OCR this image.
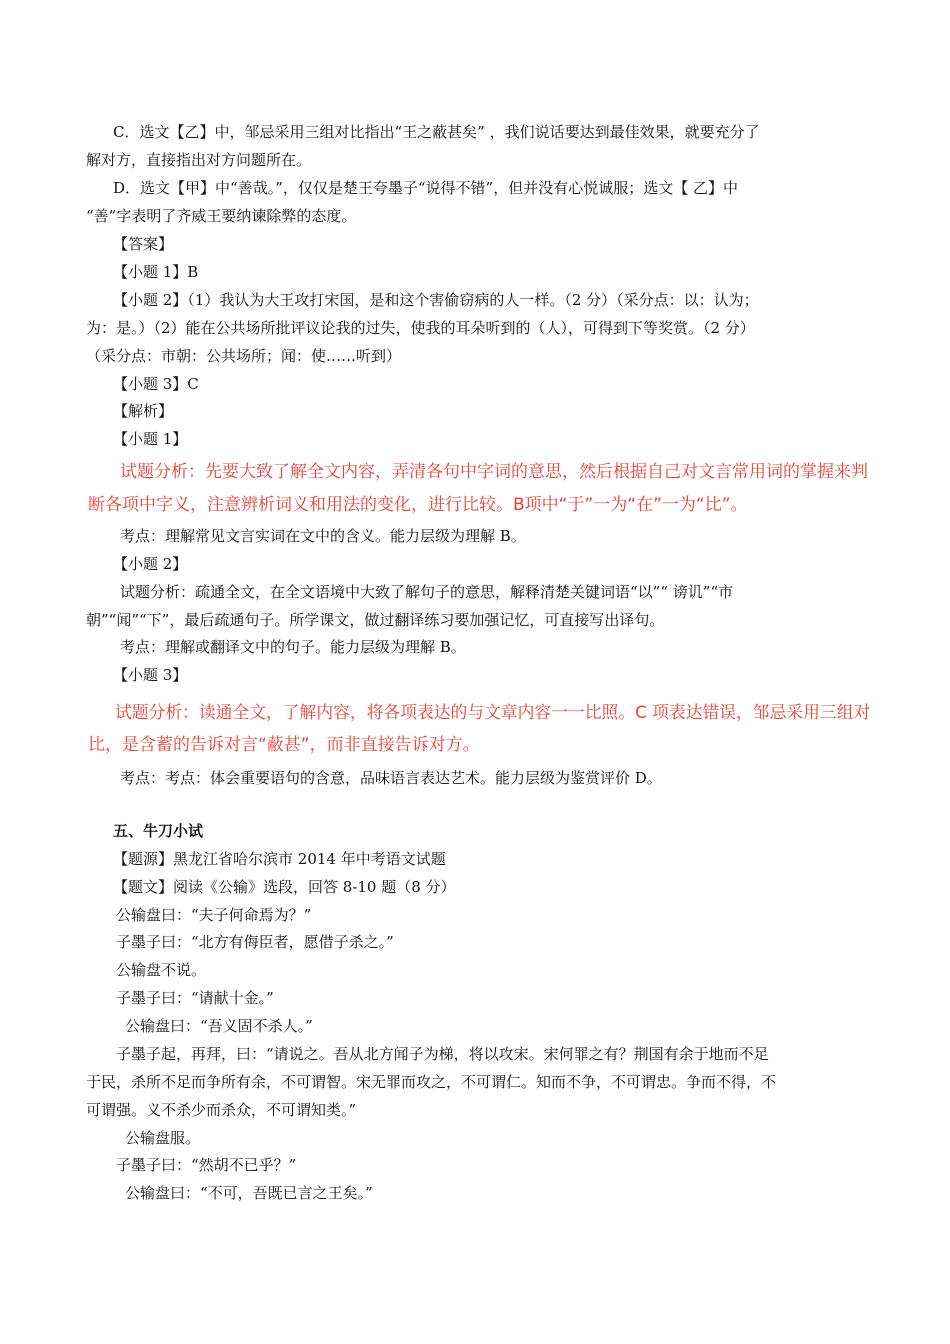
C．选文【乙】中，邹忌采用三组对比指出“王之蔽甚矣” ，我们说话要达到最佳效果，就要充分了
解对方，直接指出对方问题所在。
D．选文【甲】中“善哉。”，仅仅是楚王夸墨子“说得不错”，但并没有心悦诚服；选文【 乙】中
“善”字表明了齐威王要纳谏除弊的态度。
【答案】
【小题 1】B
【小题 2】（1）我认为大王攻打宋国，是和这个害偷窃病的人一样。（2 分）（采分点：以：认为；
为：是。）（2）能在公共场所批评议论我的过失，使我的耳朵听到的（人），可得到下等奖赏。（2 分）
（采分点：市朝：公共场所；闻：使……听到）
【小题 3】C
【解析】
【小题 1】
试题分析：先要大致了解全文内容，弄清各句中字词的意思，然后根据自己对文言常用词的掌握来判
断各项中字义，注意辨析词义和用法的变化，进行比较。B项中“于”一为“在”一为“比”。
考点：理解常见文言实词在文中的含义。能力层级为理解 B。
【小题 2】
试题分析：疏通全文，在全文语境中大致了解句子的意思，解释清楚关键词语“以”“ 谤讥”“市
朝”“闻”“下”，最后疏通句子。所学课文，做过翻译练习要加强记忆，可直接写出译句。
考点：理解或翻译文中的句子。能力层级为理解 B。
【小题 3】
试题分析：读通全文，了解内容，将各项表达的与文章内容一一比照。C 项表达错误，邹忌采用三组对
比，是含蓄的告诉对言“蔽甚”，而非直接告诉对方。
考点：考点：体会重要语句的含意，品味语言表达艺术。能力层级为鉴赏评价 D。
五、牛刀小试
【题源】黑龙江省哈尔滨市 2014 年中考语文试题
【题文】阅读《公输》选段，回答 8-10 题（8 分）
公输盘曰：“夫子何命焉为？”
子墨子曰：“北方有侮臣者，愿借子杀之。”
公输盘不说。
子墨子曰：“请献十金。”
公输盘曰：“吾义固不杀人。”
子墨子起，再拜，曰：“请说之。吾从北方闻子为梯，将以攻宋。宋何罪之有？荆国有余于地而不足
于民，杀所不足而争所有余，不可谓智。宋无罪而攻之，不可谓仁。知而不争，不可谓忠。争而不得，不
可谓强。义不杀少而杀众，不可谓知类。”
公输盘服。
子墨子曰：“然胡不已乎？”
公输盘曰：“不可，吾既已言之王矣。”
